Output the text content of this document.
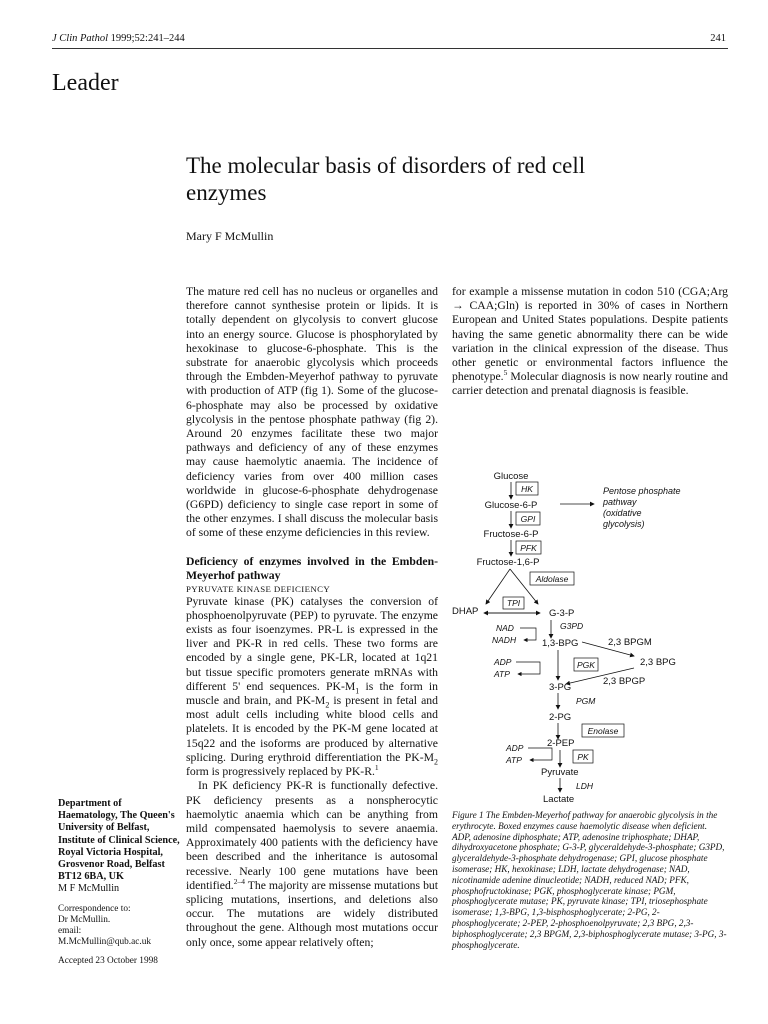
J Clin Pathol 1999;52:241–244	241
Leader
The molecular basis of disorders of red cell enzymes
Mary F McMullin

The mature red cell has no nucleus or organelles and therefore cannot synthesise protein or lipids. It is totally dependent on glycolysis to convert glucose into an energy source. Glucose is phosphorylated by hexokinase to glucose-6-phosphate. This is the substrate for anaerobic glycolysis which proceeds through the Embden-Meyerhof pathway to pyruvate with production of ATP (fig 1). Some of the glucose-6-phosphate may also be processed by oxidative glycolysis in the pentose phosphate pathway (fig 2). Around 20 enzymes facilitate these two major pathways and deficiency of any of these enzymes may cause haemolytic anaemia. The incidence of deficiency varies from over 400 million cases worldwide in glucose-6-phosphate dehydrogenase (G6PD) deficiency to single case report in some of the other enzymes. I shall discuss the molecular basis of some of these enzyme deficiencies in this review.

Deficiency of enzymes involved in the Embden-Meyerhof pathway
PYRUVATE KINASE DEFICIENCY

Pyruvate kinase (PK) catalyses the conversion of phosphoenolpyruvate (PEP) to pyruvate. The enzyme exists as four isoenzymes. PR-L is expressed in the liver and PK-R in red cells. These two forms are encoded by a single gene, PK-LR, located at 1q21 but tissue specific promoters generate mRNAs with different 5' end sequences. $PK-M_1$ is the form in muscle and brain, and $PK-M_2$ is present in fetal and most adult cells including white blood cells and platelets. It is encoded by the PK-M gene located at 15q22 and the isoforms are produced by alternative splicing. During erythroid differentiation the $PK-M_2$ form is progressively replaced by PK-R.$^1$

In PK deficiency PK-R is functionally defective. PK deficiency presents as a nonspherocytic haemolytic anaemia which can be anything from mild compensated haemolysis to severe anaemia. Approximately 400 patients with the deficiency have been described and the inheritance is autosomal recessive. Nearly 100 gene mutations have been identified.$^{2-4}$ The majority are missense mutations but splicing mutations, insertions, and deletions also occur. The mutations are widely distributed throughout the gene. Although most mutations occur only once, some appear relatively often;

for example a missense mutation in codon 510 (CGA;Arg → CAA;Gln) is reported in 30% of cases in Northern European and United States populations. Despite patients having the same genetic abnormality there can be wide variation in the clinical expression of the disease. Thus other genetic or environmental factors influence the phenotype.$^5$ Molecular diagnosis is now nearly routine and carrier detection and prenatal diagnosis is feasible.

Department of Haematology, The Queen's University of Belfast, Institute of Clinical Science, Royal Victoria Hospital, Grosvenor Road, Belfast BT12 6BA, UK
M F McMullin
Correspondence to:
Dr McMullin.
email:
M.McMullin@qub.ac.uk
Accepted 23 October 1998
Glucose
HK
Glucose-6-P
Pentose phosphate
pathway
(oxidative
glycolysis)
GPI
Fructose-6-P
PFK
Fructose-1,6-P
Aldolase
DHAP
TPI
G-3-P
NAD
NADH
G3PD
1,3-BPG	2,3 BPGM
2,3 BPG
2,3 BPGP
PGK
ADP
ATP
3-PG
PGM
2-PG
Enolase
2-PEP
ADP
ATP	PK
Pyruvate
LDH
Lactate
Figure 1 The Embden-Meyerhof pathway for anaerobic glycolysis in the erythrocyte. Boxed enzymes cause haemolytic disease when deficient. ADP, adenosine diphosphate; ATP, adenosine triphosphate; DHAP, dihydroxyacetone phosphate; G-3-P, glyceraldehyde-3-phosphate; G3PD, glyceraldehyde-3-phosphate dehydrogenase; GPI, glucose phosphate isomerase; HK, hexokinase; LDH, lactate dehydrogenase; NAD, nicotinamide adenine dinucleotide; NADH, reduced NAD; PFK, phosphofructokinase; PGK, phosphoglycerate kinase; PGM, phosphoglycerate mutase; PK, pyruvate kinase; TPI, triosephosphate isomerase; 1,3-BPG, 1,3-bisphosphoglycerate; 2-PG, 2-phosphoglycerate; 2-PEP, 2-phosphoenolpyruvate; 2,3 BPG, 2,3-biphosphoglycerate; 2,3 BPGM, 2,3-biphosphoglycerate mutase; 3-PG, 3-phosphoglycerate.
